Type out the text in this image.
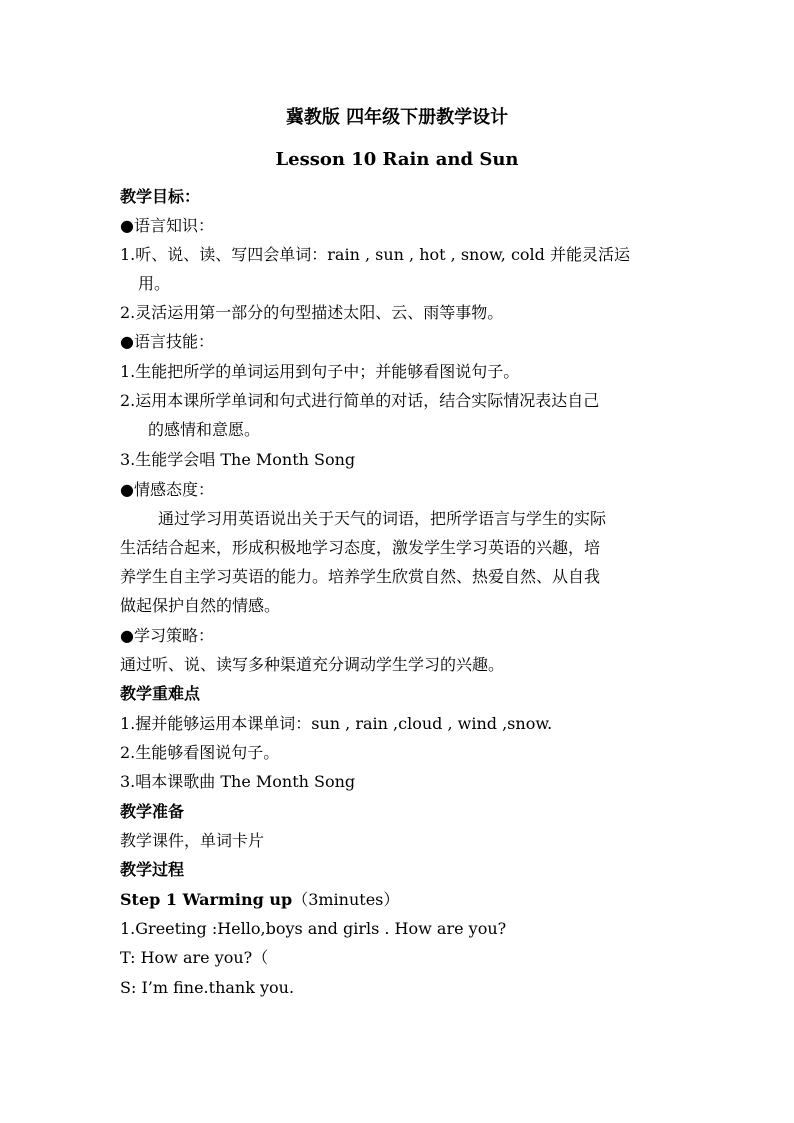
冀教版 四年级下册教学设计
Lesson 10 Rain and Sun
教学目标：
●语言知识：
1.听、说、读、写四会单词：rain , sun , hot , snow, cold 并能灵活运
用。
2.灵活运用第一部分的句型描述太阳、云、雨等事物。
●语言技能：
1.生能把所学的单词运用到句子中；并能够看图说句子。
2.运用本课所学单词和句式进行简单的对话，结合实际情况表达自己
的感情和意愿。
3.生能学会唱 The Month Song
●情感态度：
通过学习用英语说出关于天气的词语，把所学语言与学生的实际
生活结合起来，形成积极地学习态度，激发学生学习英语的兴趣，培
养学生自主学习英语的能力。培养学生欣赏自然、热爱自然、从自我
做起保护自然的情感。
●学习策略：
通过听、说、读写多种渠道充分调动学生学习的兴趣。
教学重难点
1.握并能够运用本课单词：sun , rain ,cloud , wind ,snow.
2.生能够看图说句子。
3.唱本课歌曲 The Month Song
教学准备
教学课件，单词卡片
教学过程
Step 1 Warming up（3minutes）
1.Greeting :Hello,boys and girls . How are you?
T: How are you?（
S: I’m fine.thank you.
